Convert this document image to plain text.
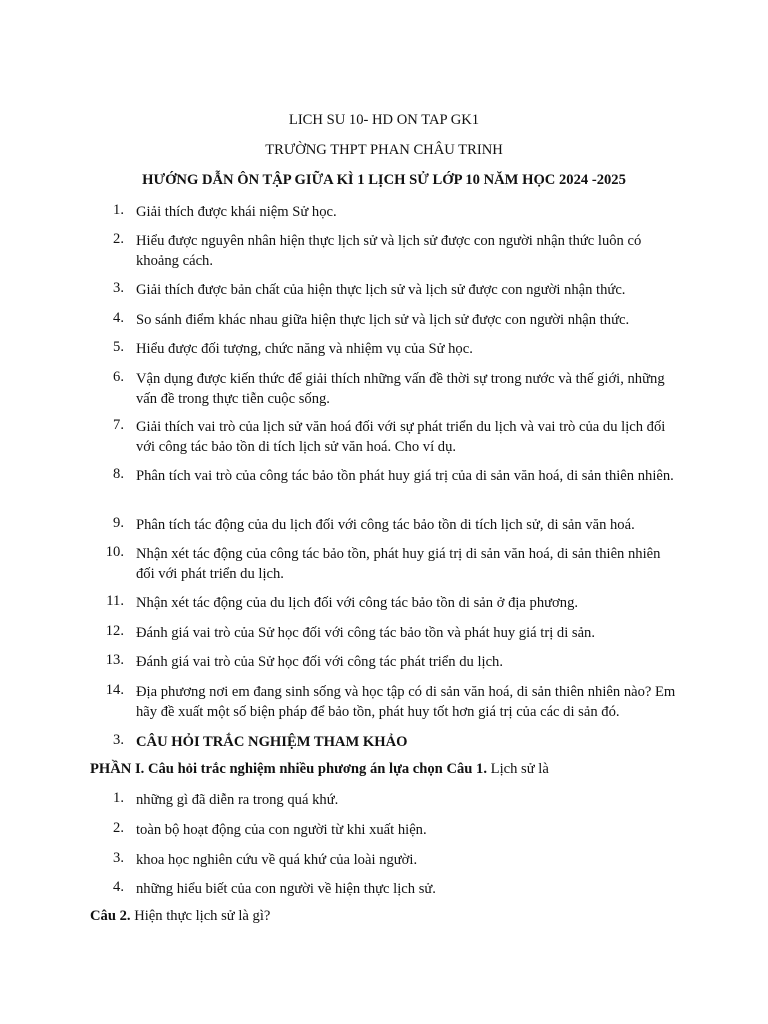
LICH SU 10- HD ON TAP GK1
TRƯỜNG THPT PHAN CHÂU TRINH
HƯỚNG DẪN ÔN TẬP GIỮA KÌ 1 LỊCH SỬ LỚP 10 NĂM HỌC 2024 -2025
1. Giải thích được khái niệm Sử học.
2. Hiểu được nguyên nhân hiện thực lịch sử và lịch sử được con người nhận thức luôn có khoảng cách.
3. Giải thích được bản chất của hiện thực lịch sử và lịch sử được con người nhận thức.
4. So sánh điểm khác nhau giữa hiện thực lịch sử và lịch sử được con người nhận thức.
5. Hiểu được đối tượng, chức năng và nhiệm vụ của Sử học.
6. Vận dụng được kiến thức để giải thích những vấn đề thời sự trong nước và thế giới, những vấn đề trong thực tiễn cuộc sống.
7. Giải thích vai trò của lịch sử văn hoá đối với sự phát triển du lịch và vai trò của du lịch đối với công tác bảo tồn di tích lịch sử văn hoá. Cho ví dụ.
8. Phân tích vai trò của công tác bảo tồn phát huy giá trị của di sản văn hoá, di sản thiên nhiên.
9. Phân tích tác động của du lịch đối với công tác bảo tồn di tích lịch sử, di sản văn hoá.
10. Nhận xét tác động của công tác bảo tồn, phát huy giá trị di sản văn hoá, di sản thiên nhiên đối với phát triển du lịch.
11. Nhận xét tác động của du lịch đối với công tác bảo tồn di sản ở địa phương.
12. Đánh giá vai trò của Sử học đối với công tác bảo tồn và phát huy giá trị di sản.
13. Đánh giá vai trò của Sử học đối với công tác phát triển du lịch.
14. Địa phương nơi em đang sinh sống và học tập có di sản văn hoá, di sản thiên nhiên nào? Em hãy đề xuất một số biện pháp để bảo tồn, phát huy tốt hơn giá trị của các di sản đó.
3. CÂU HỎI TRẮC NGHIỆM THAM KHẢO
PHẦN I. Câu hỏi trắc nghiệm nhiều phương án lựa chọn Câu 1. Lịch sử là
1. những gì đã diễn ra trong quá khứ.
2. toàn bộ hoạt động của con người từ khi xuất hiện.
3. khoa học nghiên cứu về quá khứ của loài người.
4. những hiểu biết của con người về hiện thực lịch sử.
Câu 2. Hiện thực lịch sử là gì?
